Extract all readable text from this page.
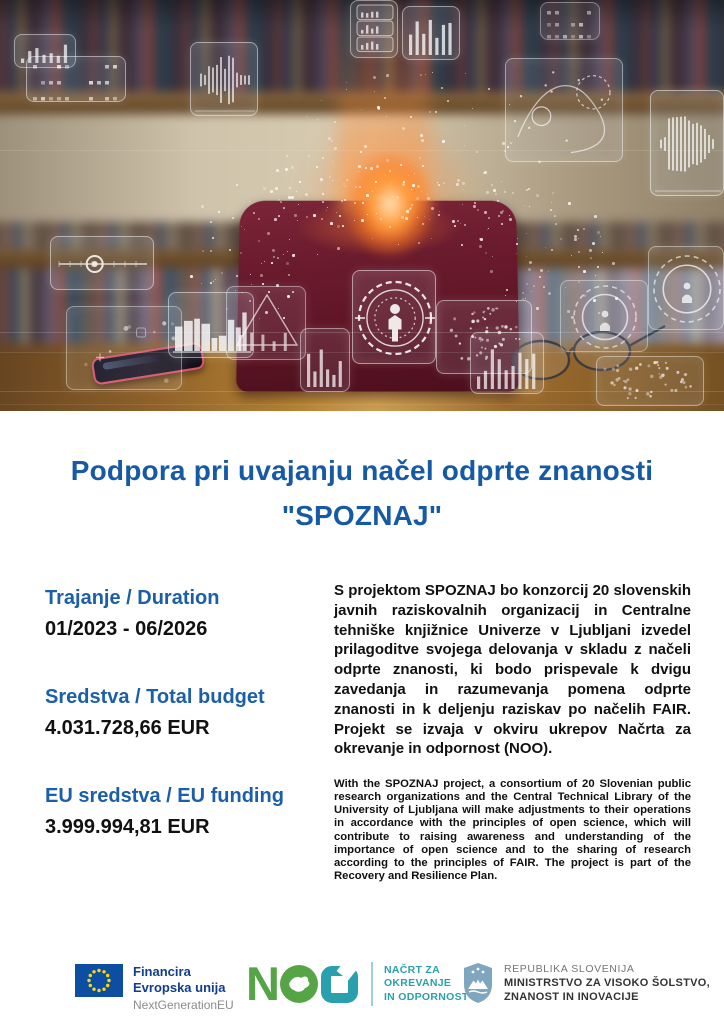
Podpora pri uvajanju načel odprte znanosti
"SPOZNAJ"
Trajanje / Duration
01/2023 - 06/2026
Sredstva / Total budget
4.031.728,66 EUR
EU sredstva / EU funding
3.999.994,81 EUR

S projektom SPOZNAJ bo konzorcij 20 slovenskih javnih raziskovalnih organizacij in Centralne tehniške knjižnice Univerze v Ljubljani izvedel prilagoditve svojega delovanja v skladu z načeli odprte znanosti, ki bodo prispevale k dvigu zavedanja in razumevanja pomena odprte znanosti in k deljenju raziskav po načelih FAIR. Projekt se izvaja v okviru ukrepov Načrta za okrevanje in odpornost (NOO).

With the SPOZNAJ project, a consortium of 20 Slovenian public research organizations and the Central Technical Library of the University of Ljubljana will make adjustments to their operations in accordance with the principles of open science, which will contribute to raising awareness and understanding of the importance of open science and to the sharing of research according to the principles of FAIR. The project is part of the Recovery and Resilience Plan.

Financira
Evropska unija
NextGenerationEU N	NAČRT ZA
OKREVANJE
IN ODPORNOST
REPUBLIKA SLOVENIJA
MINISTRSTVO ZA VISOKO ŠOLSTVO,
ZNANOST IN INOVACIJE
